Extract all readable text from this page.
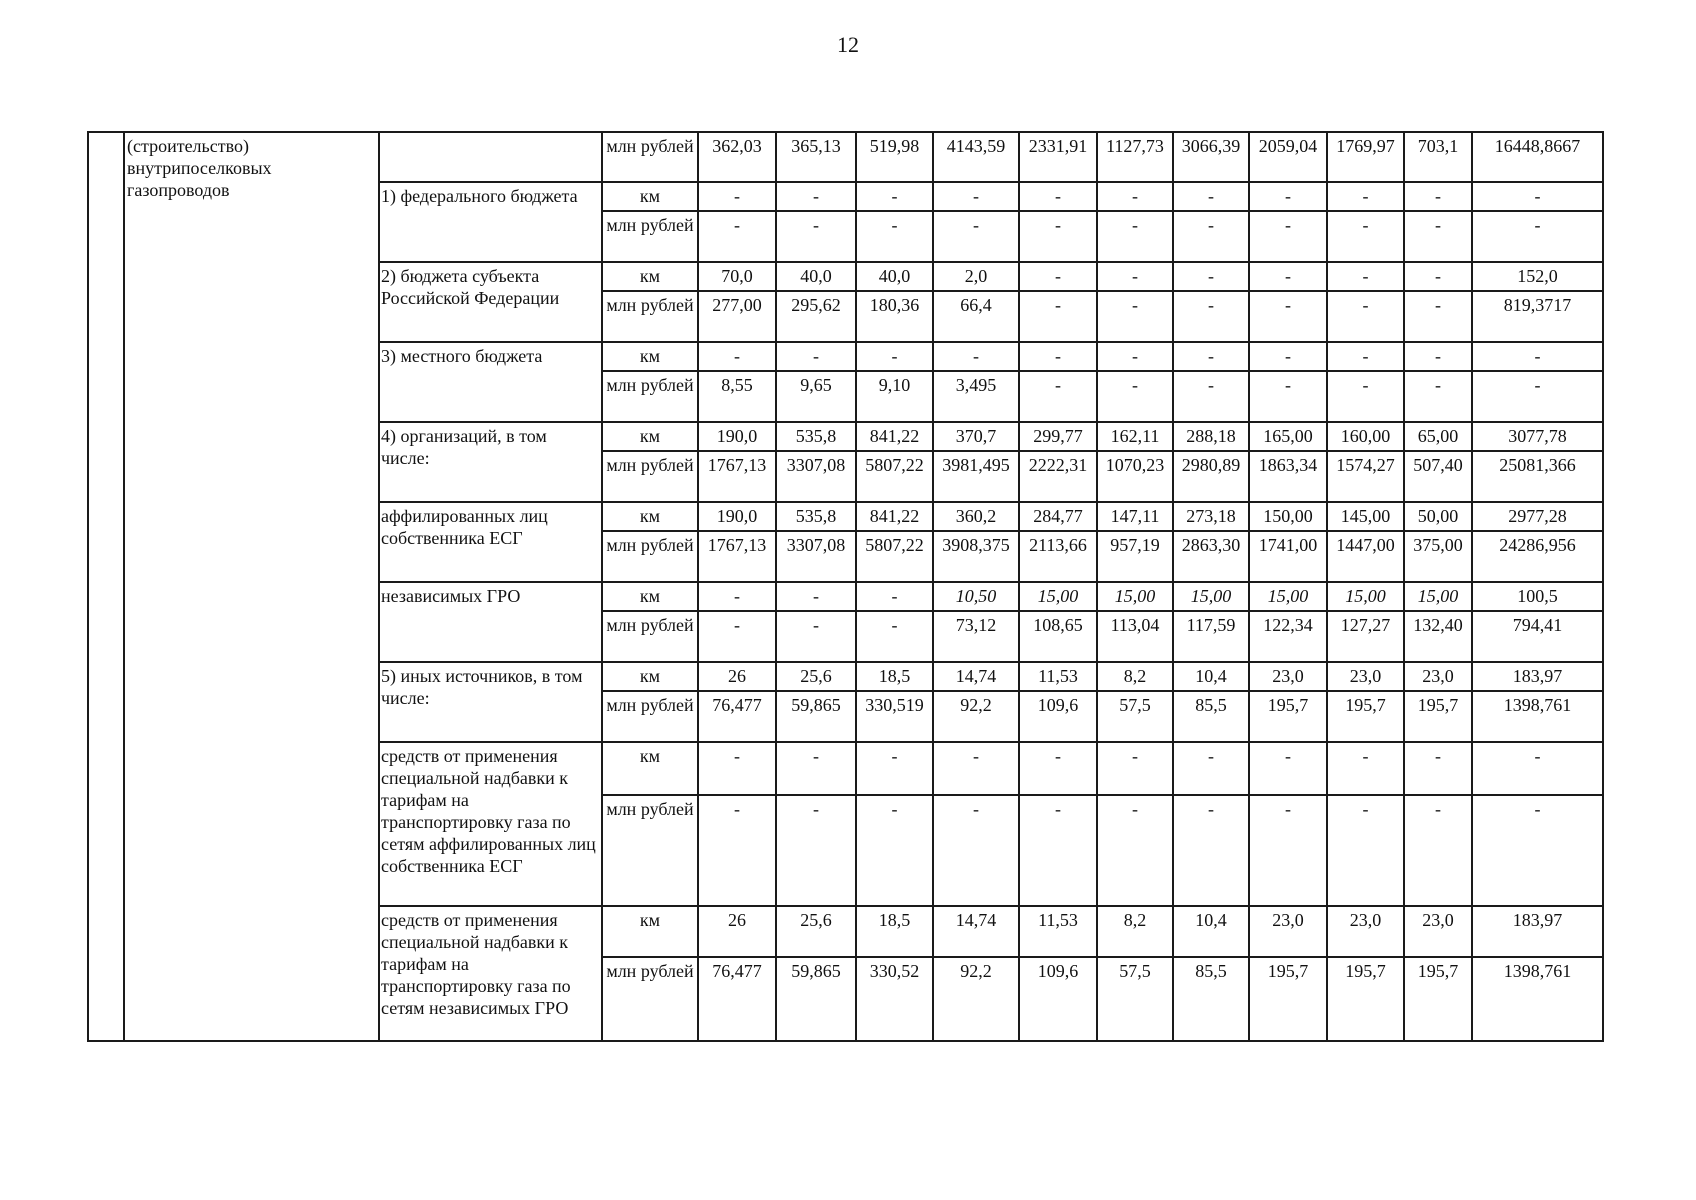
12
	(строительство) внутрипоселковых газопроводов		млн рублей	362,03	365,13	519,98	4143,59	2331,91	1127,73	3066,39	2059,04	1769,97	703,1	16448,8667
		1) федерального бюджета	км	-	-	-	-	-	-	-	-	-	-	-
			млн рублей	-	-	-	-	-	-	-	-	-	-	-
		2) бюджета субъекта Российской Федерации	км	70,0	40,0	40,0	2,0	-	-	-	-	-	-	152,0
			млн рублей	277,00	295,62	180,36	66,4	-	-	-	-	-	-	819,3717
		3) местного бюджета	км	-	-	-	-	-	-	-	-	-	-	-
			млн рублей	8,55	9,65	9,10	3,495	-	-	-	-	-	-	-
		4) организаций, в том числе:	км	190,0	535,8	841,22	370,7	299,77	162,11	288,18	165,00	160,00	65,00	3077,78
			млн рублей	1767,13	3307,08	5807,22	3981,495	2222,31	1070,23	2980,89	1863,34	1574,27	507,40	25081,366
		аффилированных лиц собственника ЕСГ	км	190,0	535,8	841,22	360,2	284,77	147,11	273,18	150,00	145,00	50,00	2977,28
			млн рублей	1767,13	3307,08	5807,22	3908,375	2113,66	957,19	2863,30	1741,00	1447,00	375,00	24286,956
		независимых ГРО	км	-	-	-	10,50	15,00	15,00	15,00	15,00	15,00	15,00	100,5
			млн рублей	-	-	-	73,12	108,65	113,04	117,59	122,34	127,27	132,40	794,41
		5) иных источников, в том числе:	км	26	25,6	18,5	14,74	11,53	8,2	10,4	23,0	23,0	23,0	183,97
			млн рублей	76,477	59,865	330,519	92,2	109,6	57,5	85,5	195,7	195,7	195,7	1398,761
		средств от применения специальной надбавки к тарифам на транспортировку газа по сетям аффилированных лиц собственника ЕСГ	км	-	-	-	-	-	-	-	-	-	-	-
			млн рублей	-	-	-	-	-	-	-	-	-	-	-
		средств от применения специальной надбавки к тарифам на транспортировку газа по сетям независимых ГРО	км	26	25,6	18,5	14,74	11,53	8,2	10,4	23,0	23,0	23,0	183,97
			млн рублей	76,477	59,865	330,52	92,2	109,6	57,5	85,5	195,7	195,7	195,7	1398,761
